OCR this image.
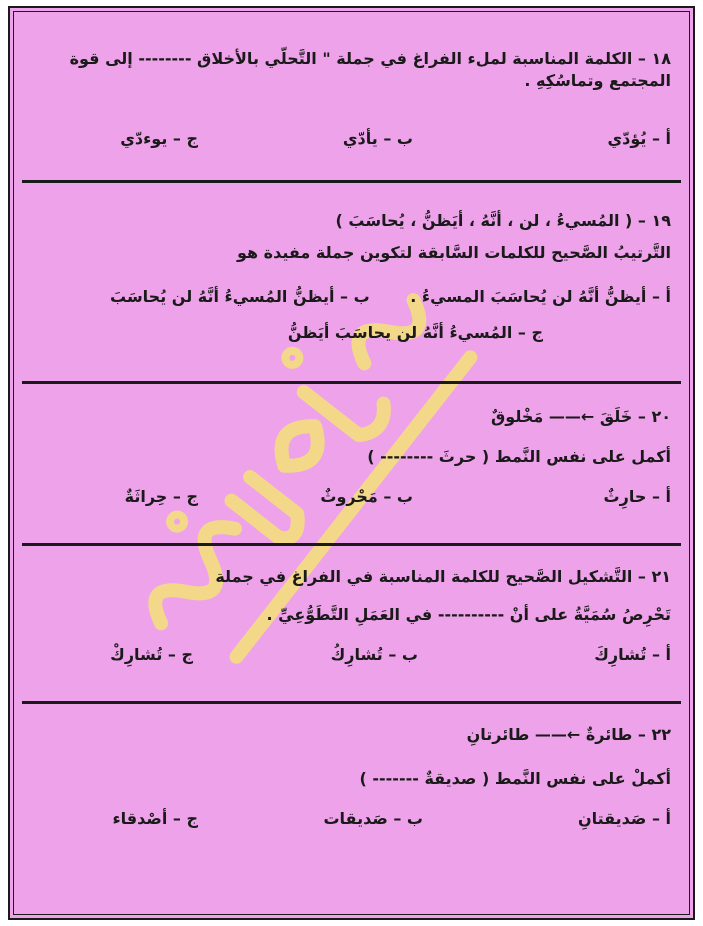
١٨ – الكلمة المناسبة لملء الفراغ في جملة " التَّحلّي بالأخلاق -------- إلى قوة المجتمع وتماسُكِهِ .
أ – يُؤدّي
ب – يأدّي
ج – يوءدّي
١٩ – ( المُسيءُ ، لن ، أنَّهُ ، أيَظنُّ ، يُحاسَبَ )
التَّرتيبُ الصَّحيح للكلمات السَّابقة لتكوين جملة مفيدة هو
أ – أيظنُّ أنَّهُ لن يُحاسَبَ المسيءُ .
ب – أيظنُّ المُسيءُ أنَّهُ لن يُحاسَبَ
ج – المُسيءُ أنَّهُ لن يحاسَبَ أيَظنُّ
٢٠ – خَلَقَ ←—— مَخْلوقٌ
أكمل على نفس النَّمط ( حرثَ -------- )
أ – حارِثٌ
ب – مَحْروثٌ
ج – حِراثَةٌ
٢١ – التَّشكيل الصَّحيح للكلمة المناسبة في الفراغ في جملة
تَحْرِصُ سُمَيَّةُ على أنْ ---------- في العَمَلِ التَّطَوُّعِيِّ .
أ – تُشارِكَ
ب – تُشارِكُ
ج – تُشارِكْ
٢٢ – طائرةٌ ←—— طائرتانِ
أكملْ على نفس النَّمط ( صديقةٌ ------- )
أ – صَديقتانِ
ب – صَديقات
ج – أصْدقاء
